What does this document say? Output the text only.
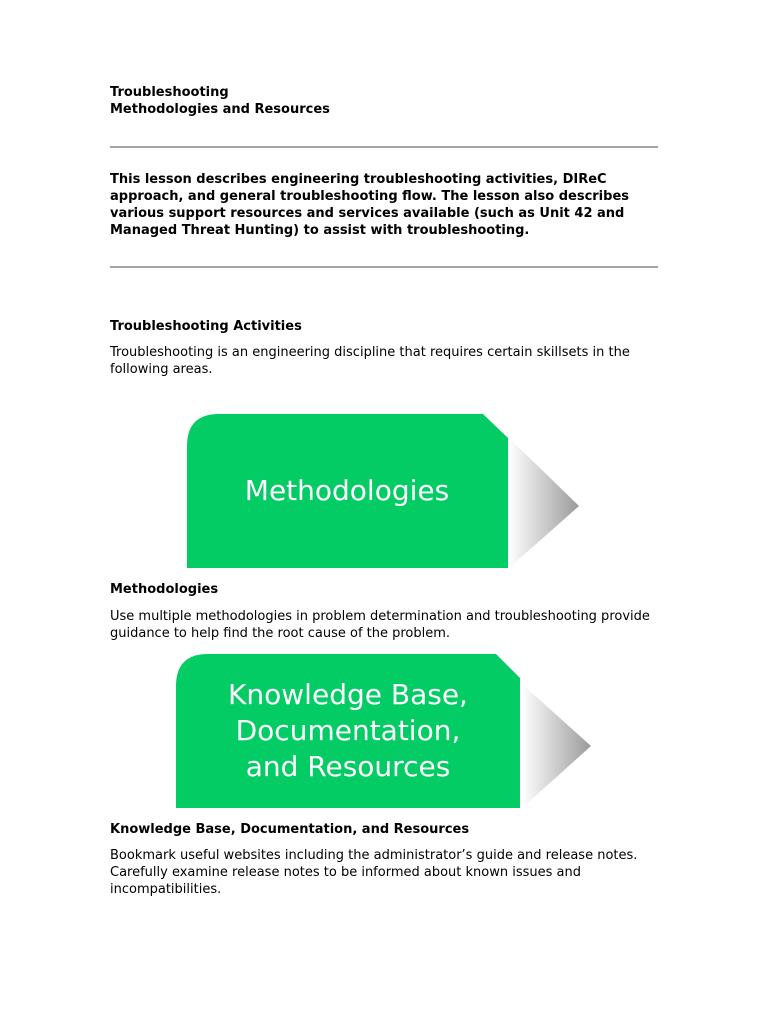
Troubleshooting Methodologies and Resources
This lesson describes engineering troubleshooting activities, DIReC approach, and general troubleshooting flow. The lesson also describes various support resources and services available (such as Unit 42 and Managed Threat Hunting) to assist with troubleshooting.
Troubleshooting Activities
Troubleshooting is an engineering discipline that requires certain skillsets in the following areas.
Methodologies
Methodologies
Use multiple methodologies in problem determination and troubleshooting provide guidance to help find the root cause of the problem.
Knowledge Base,
Documentation,
and Resources
Knowledge Base, Documentation, and Resources
Bookmark useful websites including the administrator’s guide and release notes. Carefully examine release notes to be informed about known issues and incompatibilities.
